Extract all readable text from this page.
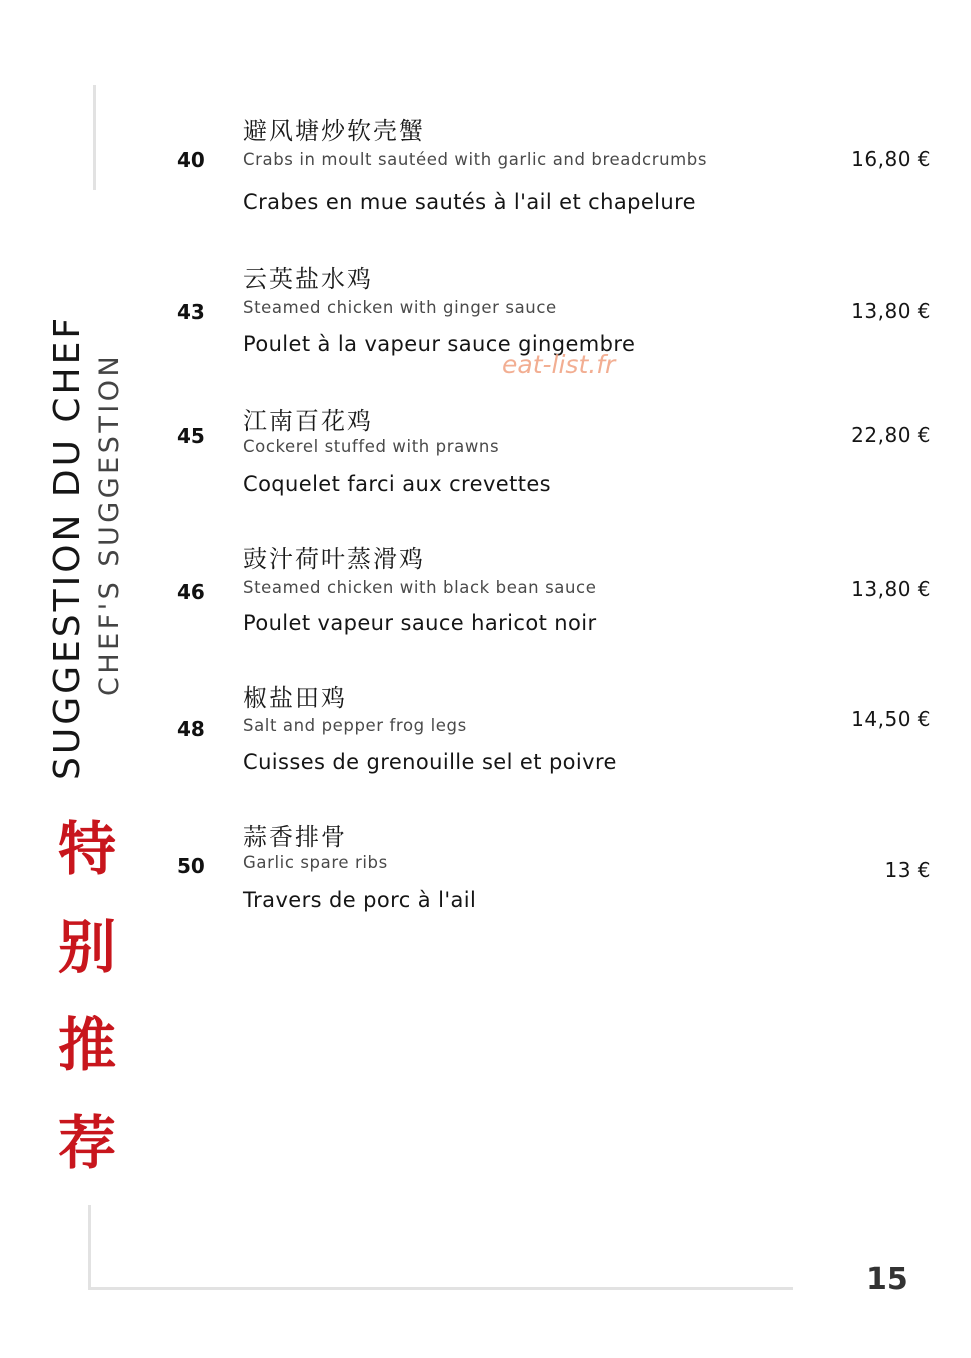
SUGGESTION DU CHEF CHEF'S SUGGESTION
特
别
推
荐
避风塘炒软壳蟹
40 Crabs in moult sautéed with garlic and breadcrumbs	16,80 €
Crabes en mue sautés à l'ail et chapelure
云英盐水鸡
43 Steamed chicken with ginger sauce	13,80 €
Poulet à la vapeur sauce gingembre
eat-list.fr
江南百花鸡
45 Cockerel stuffed with prawns	22,80 €
Coquelet farci aux crevettes
豉汁荷叶蒸滑鸡
46 Steamed chicken with black bean sauce	13,80 €
Poulet vapeur sauce haricot noir
椒盐田鸡
48 Salt and pepper frog legs	14,50 €
Cuisses de grenouille sel et poivre
蒜香排骨
50 Garlic spare ribs	13 €
Travers de porc à l'ail
15
